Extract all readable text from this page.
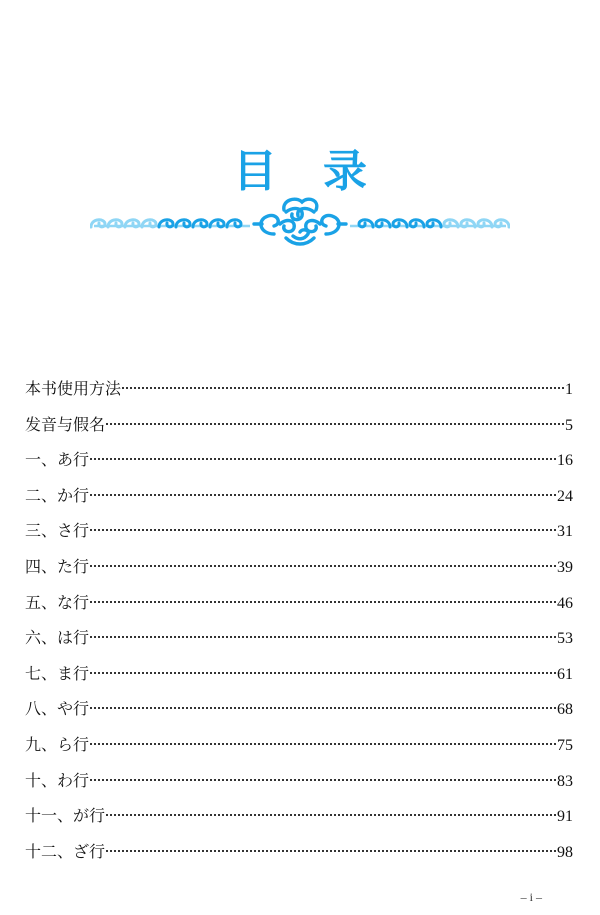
目 录
本书使用方法	1
发音与假名	5
一、あ行	16
二、か行	24
三、さ行	31
四、た行	39
五、な行	46
六、は行	53
七、ま行	61
八、や行	68
九、ら行	75
十、わ行	83
十一、が行	91
十二、ざ行	98
– i –
